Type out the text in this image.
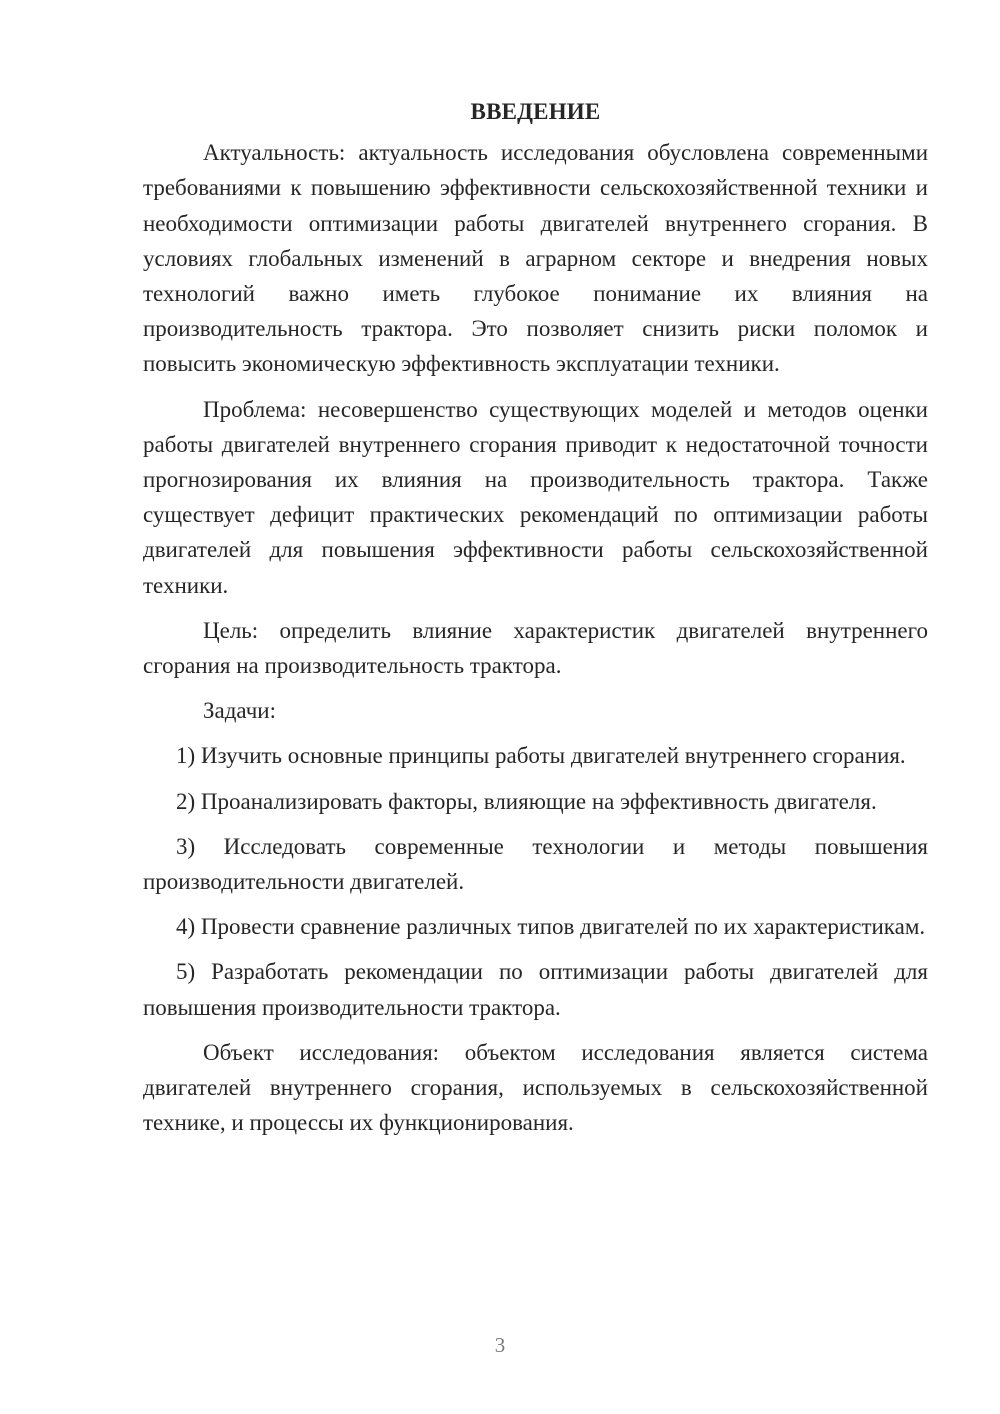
ВВЕДЕНИЕ

Актуальность: актуальность исследования обусловлена современными требованиями к повышению эффективности сельскохозяйственной техники и необходимости оптимизации работы двигателей внутреннего сгорания. В условиях глобальных изменений в аграрном секторе и внедрения новых технологий важно иметь глубокое понимание их влияния на производительность трактора. Это позволяет снизить риски поломок и повысить экономическую эффективность эксплуатации техники.

Проблема: несовершенство существующих моделей и методов оценки работы двигателей внутреннего сгорания приводит к недостаточной точности прогнозирования их влияния на производительность трактора. Также существует дефицит практических рекомендаций по оптимизации работы двигателей для повышения эффективности работы сельскохозяйственной техники.

Цель: определить влияние характеристик двигателей внутреннего сгорания на производительность трактора.

Задачи:

1) Изучить основные принципы работы двигателей внутреннего сгорания.

2) Проанализировать факторы, влияющие на эффективность двигателя.

3) Исследовать современные технологии и методы повышения производительности двигателей.

4) Провести сравнение различных типов двигателей по их характеристикам.

5) Разработать рекомендации по оптимизации работы двигателей для повышения производительности трактора.

Объект исследования: объектом исследования является система двигателей внутреннего сгорания, используемых в сельскохозяйственной технике, и процессы их функционирования.

3
